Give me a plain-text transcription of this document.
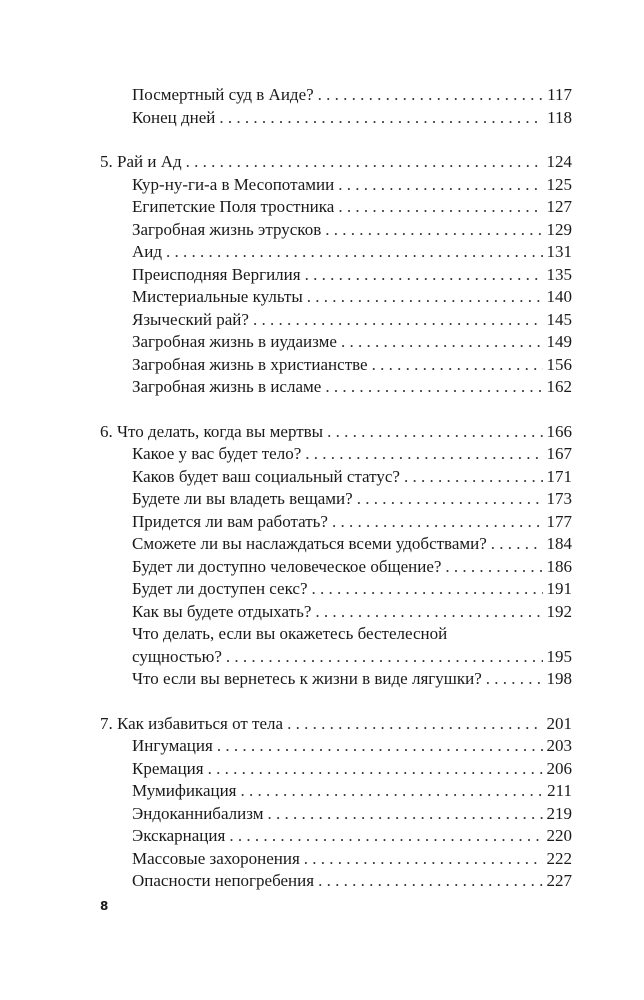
Посмертный суд в Аиде? . . .	117
Конец дней . . .	118
5. Рай и Ад . . .	124
Кур-ну-ги-а в Месопотамии . . .	125
Египетские Поля тростника . . .	127
Загробная жизнь этрусков . . .	129
Аид . . .	131
Преисподняя Вергилия . . .	135
Мистериальные культы . . .	140
Языческий рай? . . .	145
Загробная жизнь в иудаизме . . .	149
Загробная жизнь в христианстве . . .	156
Загробная жизнь в исламе . . .	162
6. Что делать, когда вы мертвы . . .	166
Какое у вас будет тело? . . .	167
Каков будет ваш социальный статус? . . .	171
Будете ли вы владеть вещами? . . .	173
Придется ли вам работать? . . .	177
Сможете ли вы наслаждаться всеми удобствами? . . .	184
Будет ли доступно человеческое общение? . . .	186
Будет ли доступен секс? . . .	191
Как вы будете отдыхать? . . .	192
Что делать, если вы окажетесь бестелесной
сущностью? . . .	195
Что если вы вернетесь к жизни в виде лягушки? . . .	198
7. Как избавиться от тела . . .	201
Ингумация . . .	203
Кремация . . .	206
Мумификация . . .	211
Эндоканнибализм . . .	219
Экскарнация . . .	220
Массовые захоронения . . .	222
Опасности непогребения . . .	227
8
